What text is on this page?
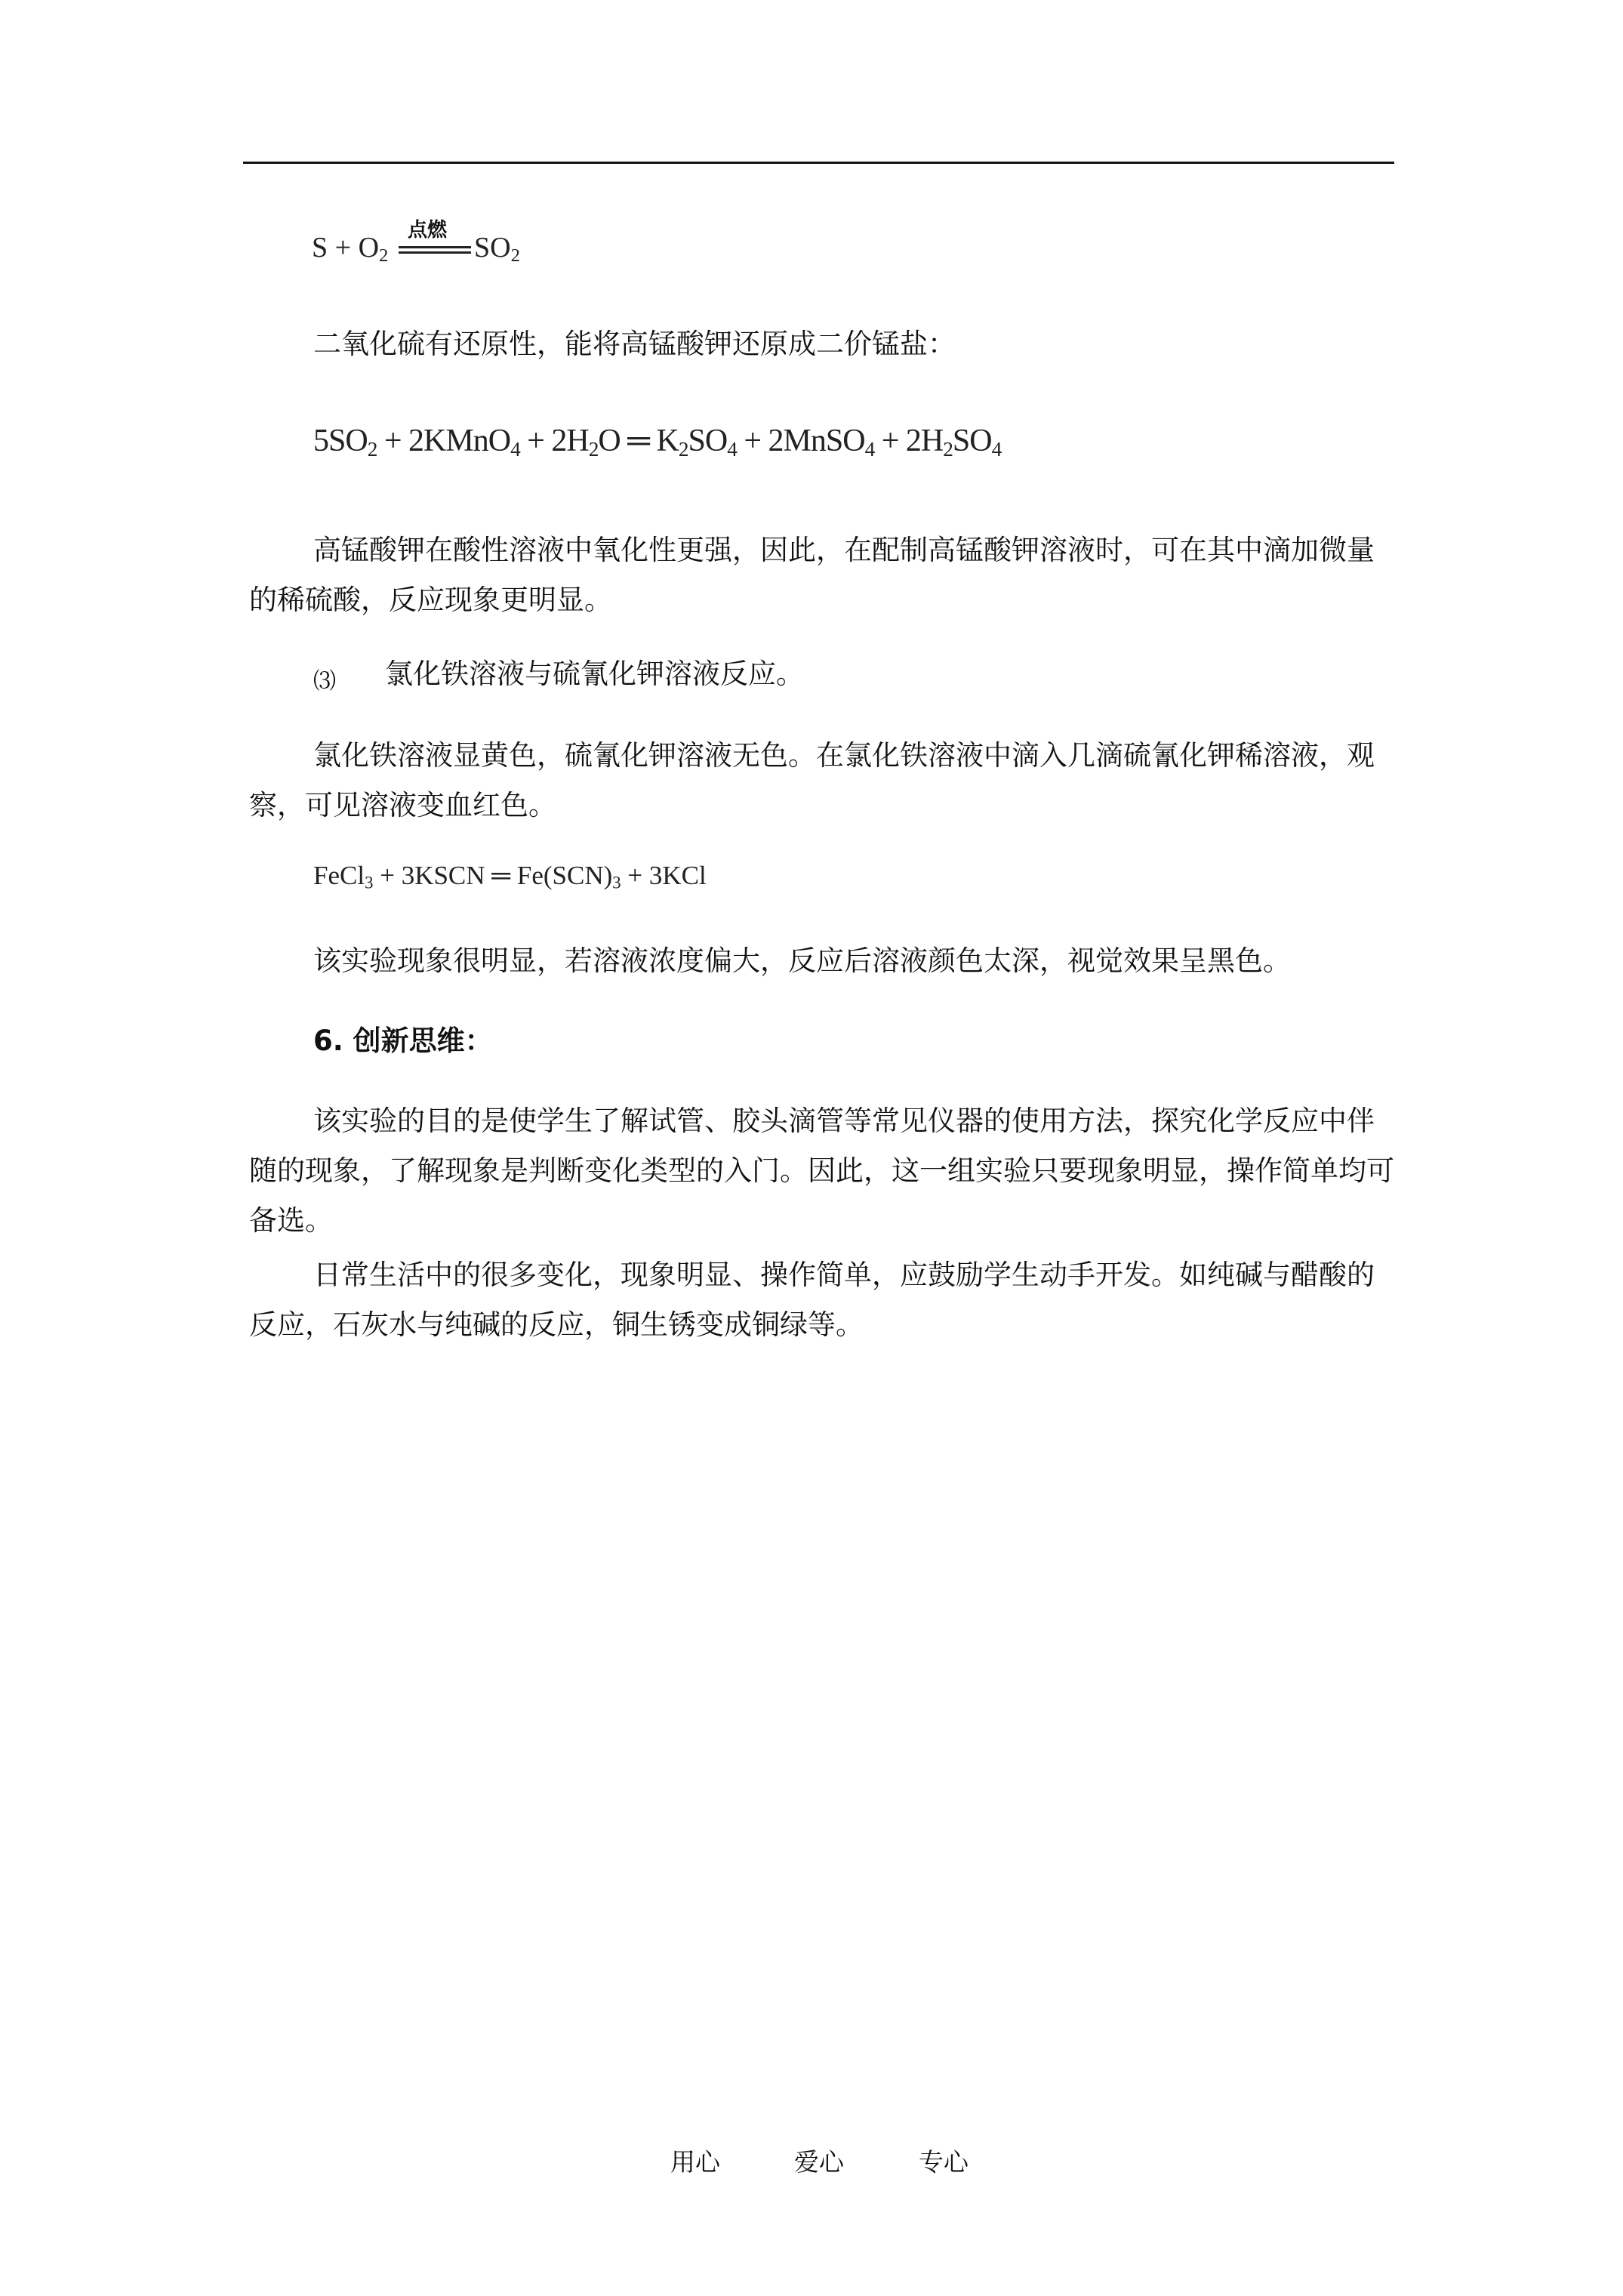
$S + O_2$
点燃
$SO_2$
二氧化硫有还原性，能将高锰酸钾还原成二价锰盐：
$5SO_2$ + 2KMnO$_4$ + $2H_2O$ ═ $K_2SO_4$ + 2MnSO$_4$ + $2H_2SO_4$
高锰酸钾在酸性溶液中氧化性更强，因此，在配制高锰酸钾溶液时，可在其中滴加微量的稀硫酸，反应现象更明显。
⑶ 氯化铁溶液与硫氰化钾溶液反应。
氯化铁溶液显黄色，硫氰化钾溶液无色。在氯化铁溶液中滴入几滴硫氰化钾稀溶液，观察，可见溶液变血红色。
FeCl$_3$ + 3KSCN ═ $Fe(SCN)_3 + 3KCl$
该实验现象很明显，若溶液浓度偏大，反应后溶液颜色太深，视觉效果呈黑色。
6. 创新思维：
该实验的目的是使学生了解试管、胶头滴管等常见仪器的使用方法，探究化学反应中伴随的现象，了解现象是判断变化类型的入门。因此，这一组实验只要现象明显，操作简单均可备选。
日常生活中的很多变化，现象明显、操作简单，应鼓励学生动手开发。如纯碱与醋酸的反应，石灰水与纯碱的反应，铜生锈变成铜绿等。
用心	爱心	专心
